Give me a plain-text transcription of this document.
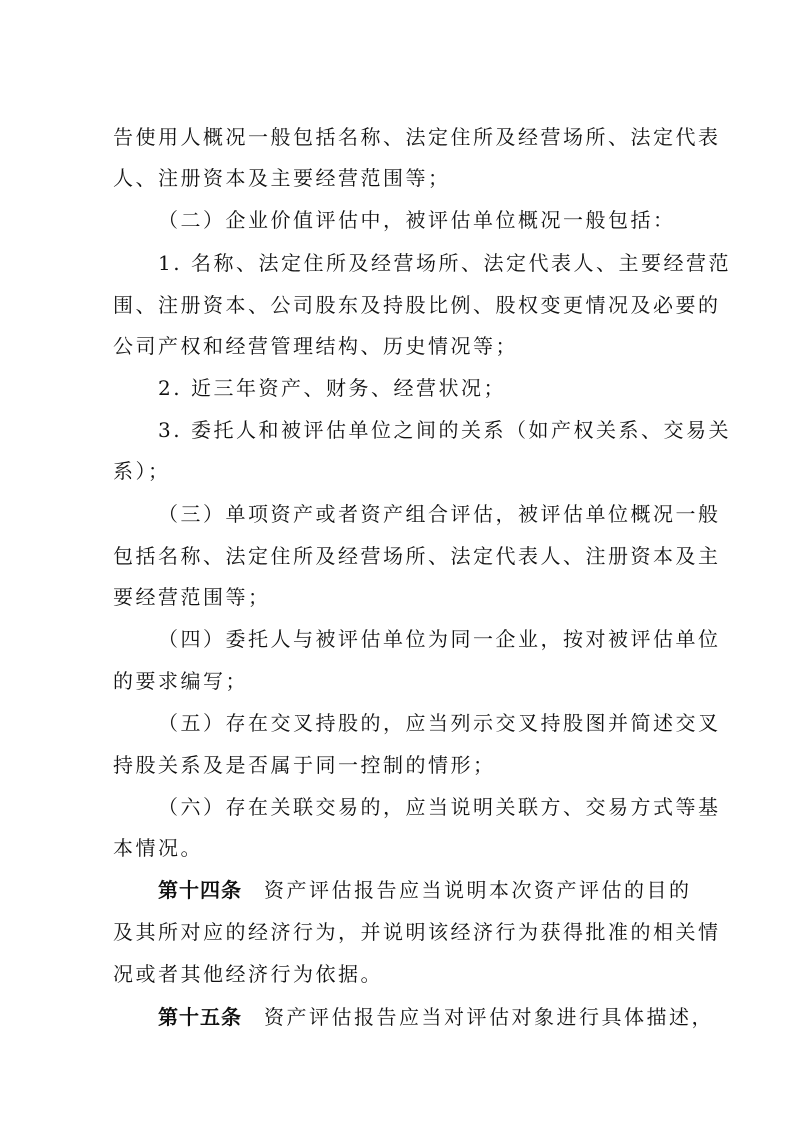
告使用人概况一般包括名称、法定住所及经营场所、法定代表
人、注册资本及主要经营范围等；
（二）企业价值评估中，被评估单位概况一般包括：
1. 名称、法定住所及经营场所、法定代表人、主要经营范
围、注册资本、公司股东及持股比例、股权变更情况及必要的
公司产权和经营管理结构、历史情况等；
2. 近三年资产、财务、经营状况；
3. 委托人和被评估单位之间的关系（如产权关系、交易关
系）；
（三）单项资产或者资产组合评估，被评估单位概况一般
包括名称、法定住所及经营场所、法定代表人、注册资本及主
要经营范围等；
（四）委托人与被评估单位为同一企业，按对被评估单位
的要求编写；
（五）存在交叉持股的，应当列示交叉持股图并简述交叉
持股关系及是否属于同一控制的情形；
（六）存在关联交易的，应当说明关联方、交易方式等基
本情况。
第十四条 资产评估报告应当说明本次资产评估的目的
及其所对应的经济行为，并说明该经济行为获得批准的相关情
况或者其他经济行为依据。
第十五条 资产评估报告应当对评估对象进行具体描述，
